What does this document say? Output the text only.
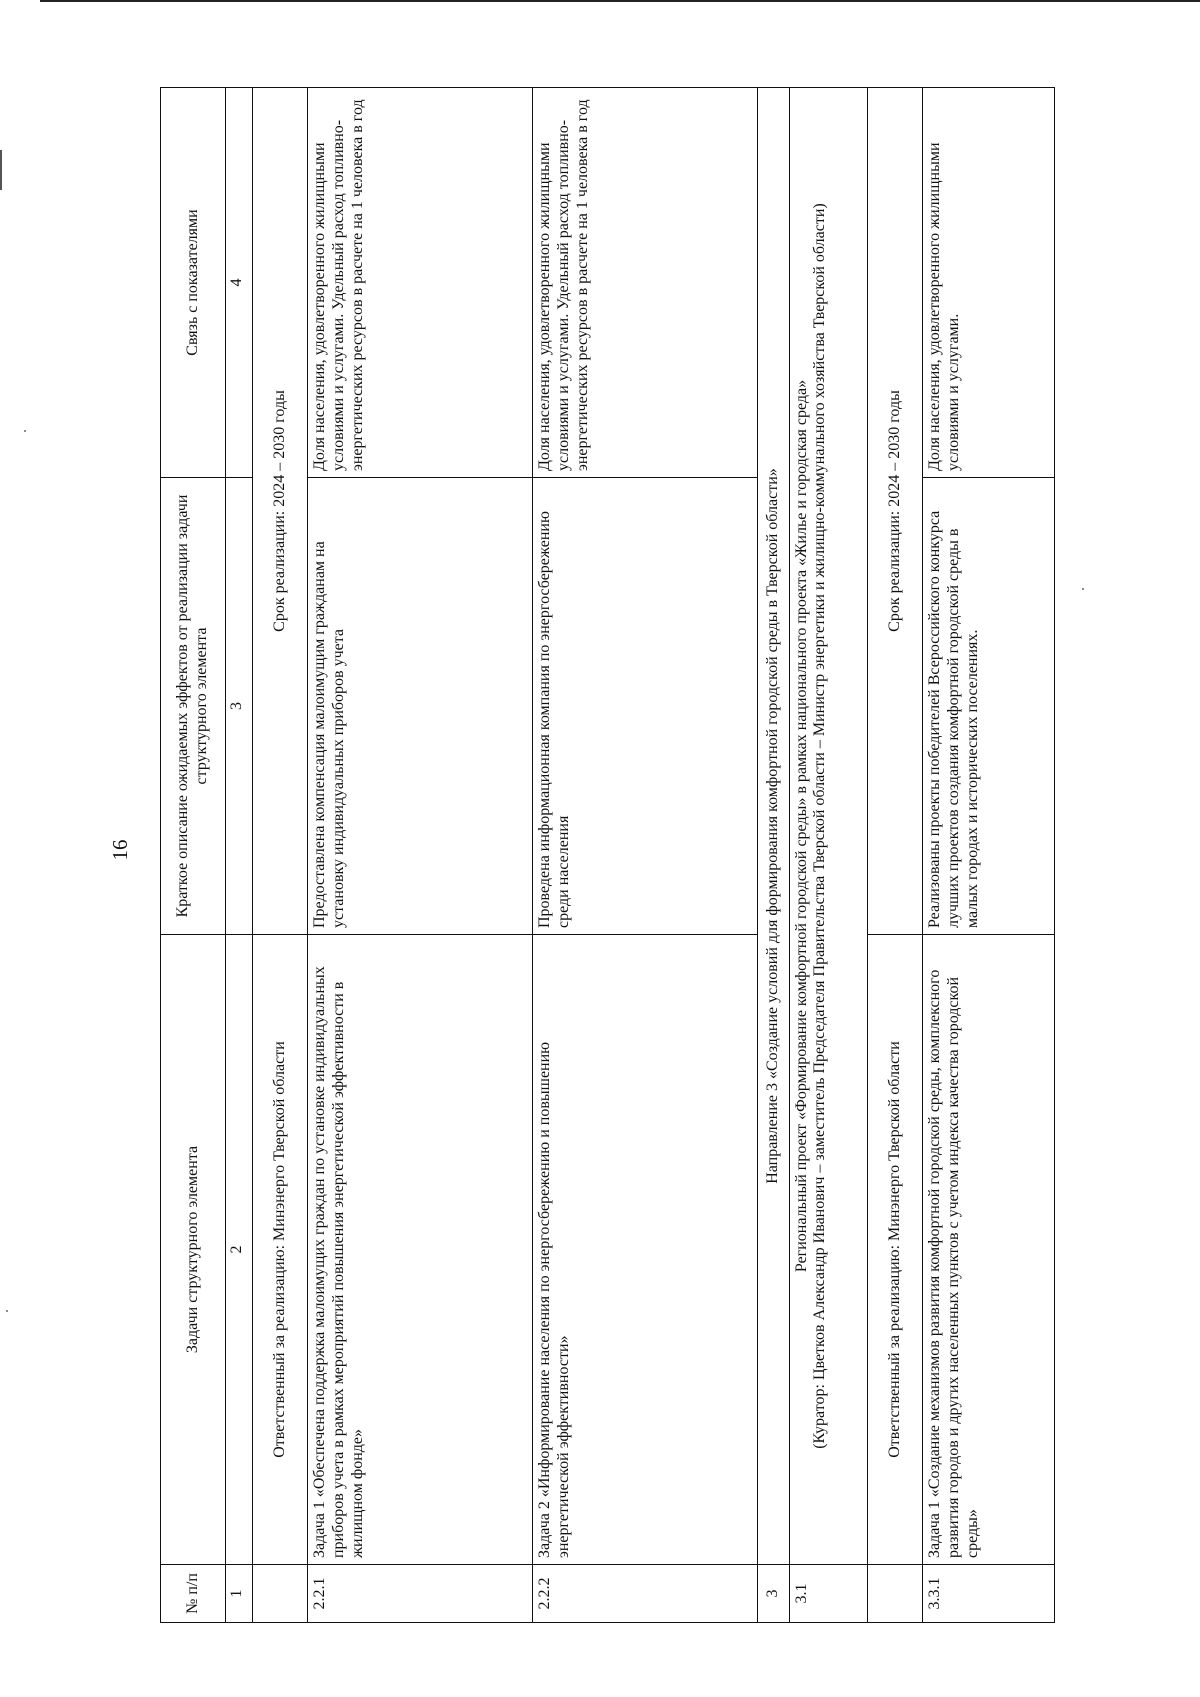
16
№ п/п	Задачи структурного элемента	Краткое описание ожидаемых эффектов от реализации задачи структурного элемента	Связь с показателями
1	2	3	4
	Ответственный за реализацию: Минэнерго Тверской области	Срок реализации: 2024 – 2030 годы	
2.2.1	Задача 1 «Обеспечена поддержка малоимущих граждан по установке индивидуальных приборов учета в рамках мероприятий повышения энергетической эффективности в жилищном фонде»	Предоставлена компенсация малоимущим гражданам на установку индивидуальных приборов учета	Доля населения, удовлетворенного жилищными условиями и услугами. Удельный расход топливно-энергетических ресурсов в расчете на 1 человека в год
2.2.2	Задача 2 «Информирование населения по энергосбережению и повышению энергетической эффективности»	Проведена информационная компания по энергосбережению среди населения	Доля населения, удовлетворенного жилищными условиями и услугами. Удельный расход топливно-энергетических ресурсов в расчете на 1 человека в год
3	Направление 3 «Создание условий для формирования комфортной городской среды в Тверской области»		
3.1	Региональный проект «Формирование комфортной городской среды» в рамках национального проекта «Жилье и городская среда» (Куратор: Цветков Александр Иванович – заместитель Председателя Правительства Тверской области – Министр энергетики и жилищно-коммунального хозяйства Тверской области)		

	Ответственный за реализацию: Минэнерго Тверской области	Срок реализации: 2024 – 2030 годы	
3.3.1	Задача 1 «Создание механизмов развития комфортной городской среды, комплексного развития городов и других населенных пунктов с учетом индекса качества городской среды»	Реализованы проекты победителей Всероссийского конкурса лучших проектов создания комфортной городской среды в малых городах и исторических поселениях.	Доля населения, удовлетворенного жилищными условиями и услугами.
